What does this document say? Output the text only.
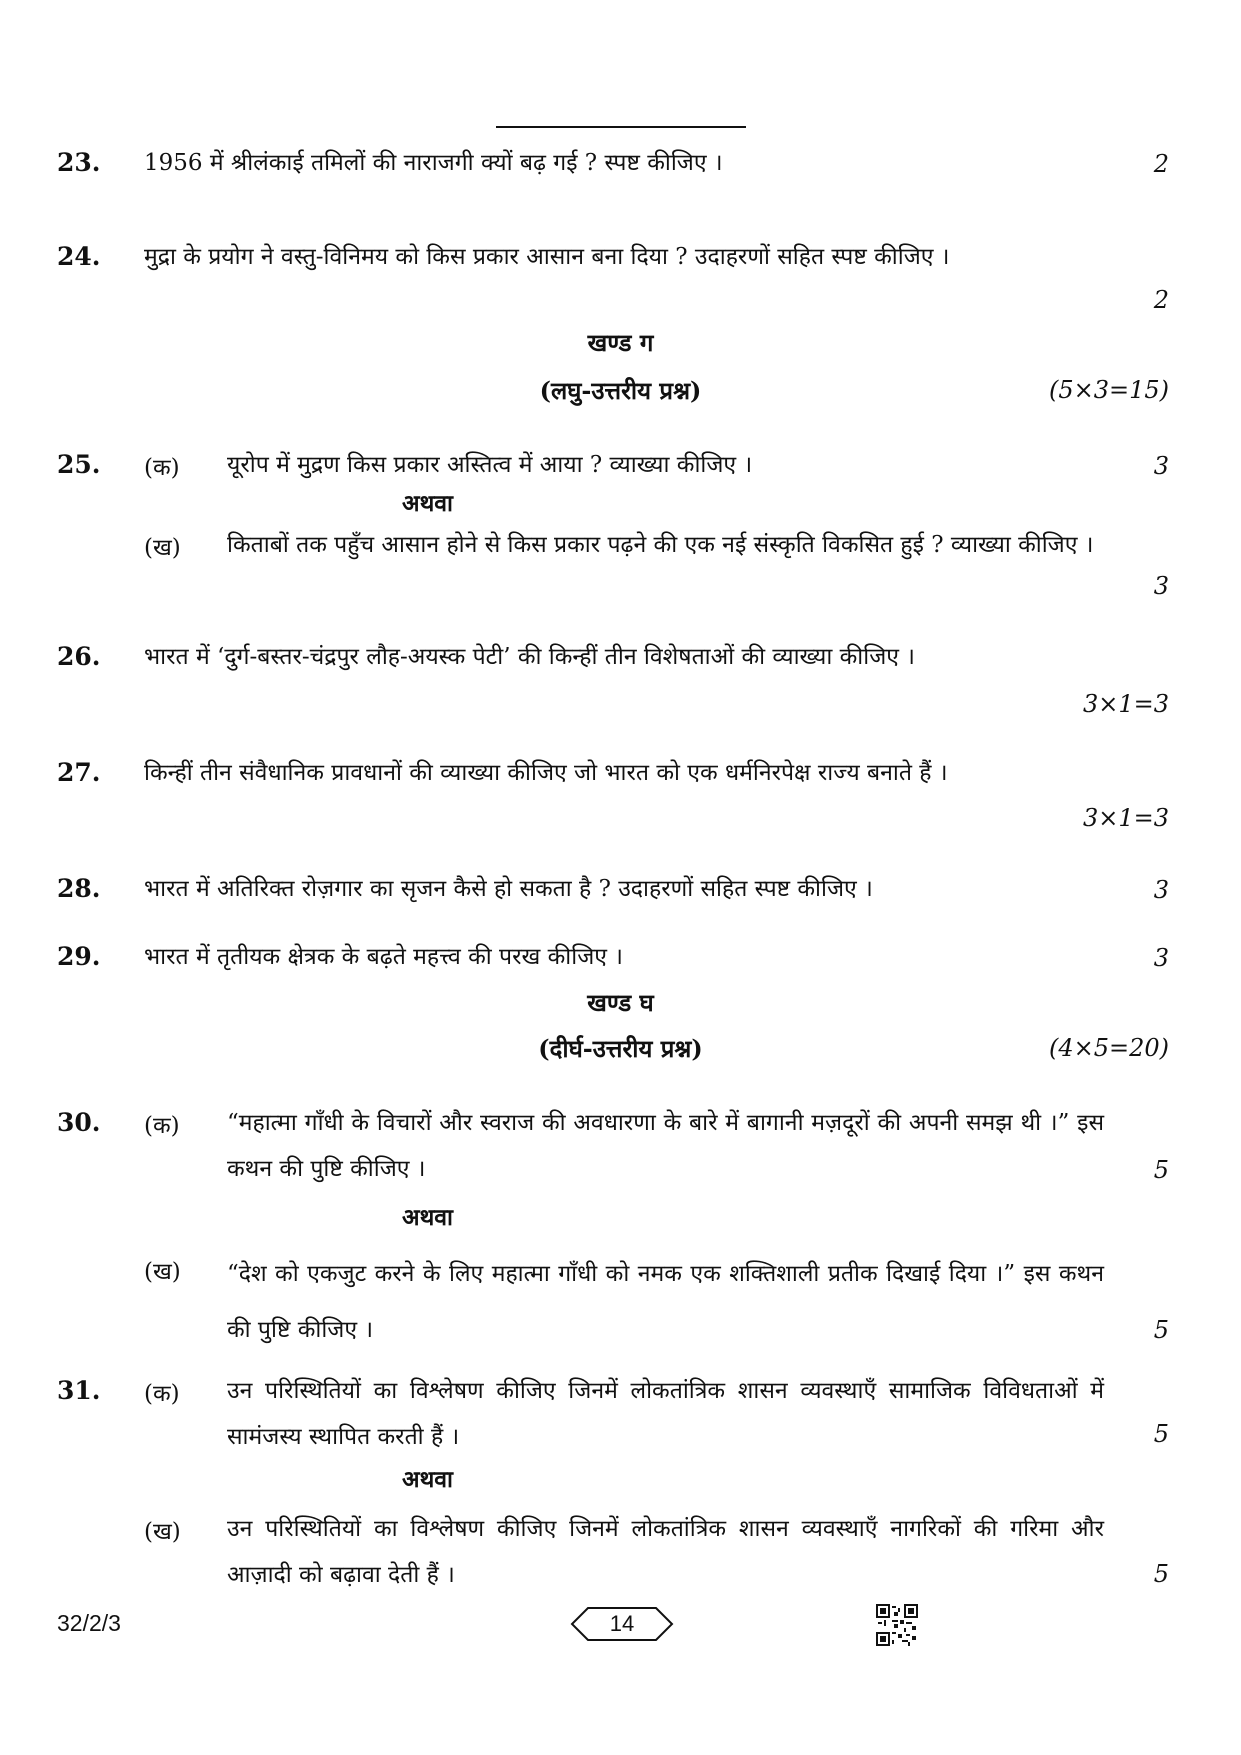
23. 1956 में श्रीलंकाई तमिलों की नाराजगी क्यों बढ़ गई ? स्पष्ट कीजिए ।	2
24. मुद्रा के प्रयोग ने वस्तु-विनिमय को किस प्रकार आसान बना दिया ? उदाहरणों सहित स्पष्ट कीजिए ।
2
खण्ड ग
(लघु-उत्तरीय प्रश्न)	(5×3=15)
25. (क) यूरोप में मुद्रण किस प्रकार अस्तित्व में आया ? व्याख्या कीजिए ।	3
अथवा
(ख) किताबों तक पहुँच आसान होने से किस प्रकार पढ़ने की एक नई संस्कृति विकसित हुई ? व्याख्या कीजिए ।
3
26. भारत में ‘दुर्ग-बस्तर-चंद्रपुर लौह-अयस्क पेटी’ की किन्हीं तीन विशेषताओं की व्याख्या कीजिए ।
3×1=3
27. किन्हीं तीन संवैधानिक प्रावधानों की व्याख्या कीजिए जो भारत को एक धर्मनिरपेक्ष राज्य बनाते हैं ।
3×1=3
28. भारत में अतिरिक्त रोज़गार का सृजन कैसे हो सकता है ? उदाहरणों सहित स्पष्ट कीजिए ।	3
29. भारत में तृतीयक क्षेत्रक के बढ़ते महत्त्व की परख कीजिए ।	3
खण्ड घ
(दीर्घ-उत्तरीय प्रश्न)	(4×5=20)
30. (क) “महात्मा गाँधी के विचारों और स्वराज की अवधारणा के बारे में बागानी मज़दूरों की अपनी समझ थी ।” इस कथन की पुष्टि कीजिए ।	5
अथवा
(ख) “देश को एकजुट करने के लिए महात्मा गाँधी को नमक एक शक्तिशाली प्रतीक दिखाई दिया ।” इस कथन की पुष्टि कीजिए ।	5
31. (क) उन परिस्थितियों का विश्लेषण कीजिए जिनमें लोकतांत्रिक शासन व्यवस्थाएँ सामाजिक विविधताओं में सामंजस्य स्थापित करती हैं ।	5
अथवा
(ख) उन परिस्थितियों का विश्लेषण कीजिए जिनमें लोकतांत्रिक शासन व्यवस्थाएँ नागरिकों की गरिमा और आज़ादी को बढ़ावा देती हैं ।	5
32/2/3	14
